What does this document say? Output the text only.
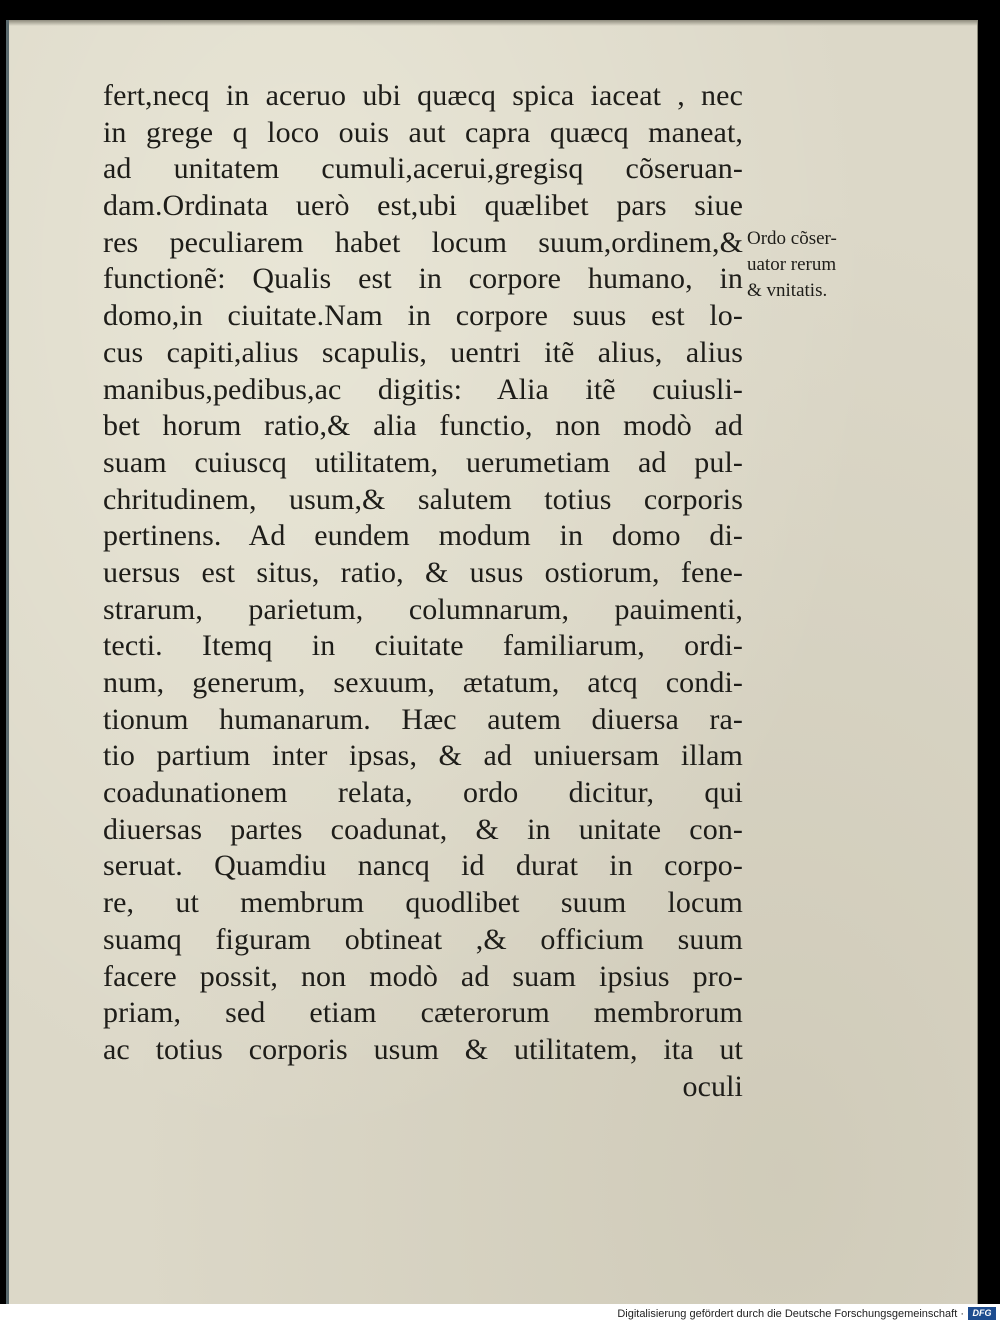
fert,necq in aceruo ubi quæcq spica iaceat , nec
in grege q loco ouis aut capra quæcq maneat,
ad unitatem cumuli,acerui,gregisq cõseruan-
dam.Ordinata uerò est,ubi quælibet pars siue
res peculiarem habet locum suum,ordinem,&
functionẽ: Qualis est in corpore humano, in
domo,in ciuitate.Nam in corpore suus est lo-
cus capiti,alius scapulis, uentri itẽ alius, alius
manibus,pedibus,ac digitis: Alia itẽ cuiusli-
bet horum ratio,& alia functio, non modò ad
suam cuiuscq utilitatem, uerumetiam ad pul-
chritudinem, usum,& salutem totius corporis
pertinens. Ad eundem modum in domo di-
uersus est situs, ratio, & usus ostiorum, fene-
strarum, parietum, columnarum, pauimenti,
tecti. Itemq in ciuitate familiarum, ordi-
num, generum, sexuum, ætatum, atcq condi-
tionum humanarum. Hæc autem diuersa ra-
tio partium inter ipsas, & ad uniuersam illam
coadunationem relata, ordo dicitur, qui
diuersas partes coadunat, & in unitate con-
seruat. Quamdiu nancq id durat in corpo-
re, ut membrum quodlibet suum locum
suamq figuram obtineat ,& officium suum
facere possit, non modò ad suam ipsius pro-
priam, sed etiam cæterorum membrorum
ac totius corporis usum & utilitatem, ita ut
oculi
Ordo cõser-
uator rerum
& vnitatis.
Digitalisierung gefördert durch die Deutsche Forschungsgemeinschaft · DFG
